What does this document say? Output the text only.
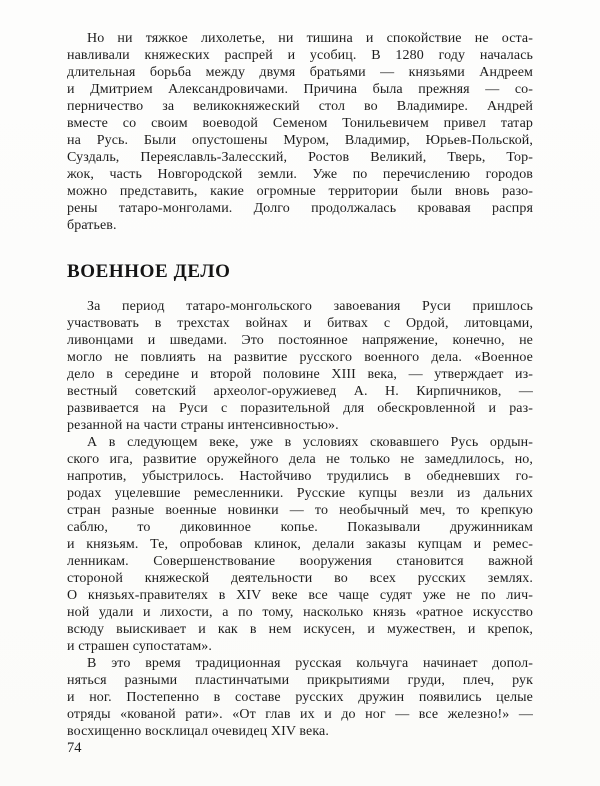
Но ни тяжкое лихолетье, ни тишина и спокойствие не оста-
навливали княжеских распрей и усобиц. В 1280 году началась
длительная борьба между двумя братьями — князьями Андреем
и Дмитрием Александровичами. Причина была прежняя — со-
перничество за великокняжеский стол во Владимире. Андрей
вместе со своим воеводой Семеном Тонильевичем привел татар
на Русь. Были опустошены Муром, Владимир, Юрьев-Польской,
Суздаль, Переяславль-Залесский, Ростов Великий, Тверь, Тор-
жок, часть Новгородской земли. Уже по перечислению городов
можно представить, какие огромные территории были вновь разо-
рены татаро-монголами. Долго продолжалась кровавая распря
братьев.
ВОЕННОЕ ДЕЛО
За период татаро-монгольского завоевания Руси пришлось
участвовать в трехстах войнах и битвах с Ордой, литовцами,
ливонцами и шведами. Это постоянное напряжение, конечно, не
могло не повлиять на развитие русского военного дела. «Военное
дело в середине и второй половине XIII века, — утверждает из-
вестный советский археолог-оружиевед А. Н. Кирпичников, —
развивается на Руси с поразительной для обескровленной и раз-
резанной на части страны интенсивностью».
А в следующем веке, уже в условиях сковавшего Русь ордын-
ского ига, развитие оружейного дела не только не замедлилось, но,
напротив, убыстрилось. Настойчиво трудились в обедневших го-
родах уцелевшие ремесленники. Русские купцы везли из дальних
стран разные военные новинки — то необычный меч, то крепкую
саблю, то диковинное копье. Показывали дружинникам
и князьям. Те, опробовав клинок, делали заказы купцам и ремес-
ленникам. Совершенствование вооружения становится важной
стороной княжеской деятельности во всех русских землях.
О князьях-правителях в XIV веке все чаще судят уже не по лич-
ной удали и лихости, а по тому, насколько князь «ратное искусство
всюду выискивает и как в нем искусен, и мужествен, и крепок,
и страшен супостатам».
В это время традиционная русская кольчуга начинает допол-
няться разными пластинчатыми прикрытиями груди, плеч, рук
и ног. Постепенно в составе русских дружин появились целые
отряды «кованой рати». «От глав их и до ног — все железно!» —
восхищенно восклицал очевидец XIV века.
74
